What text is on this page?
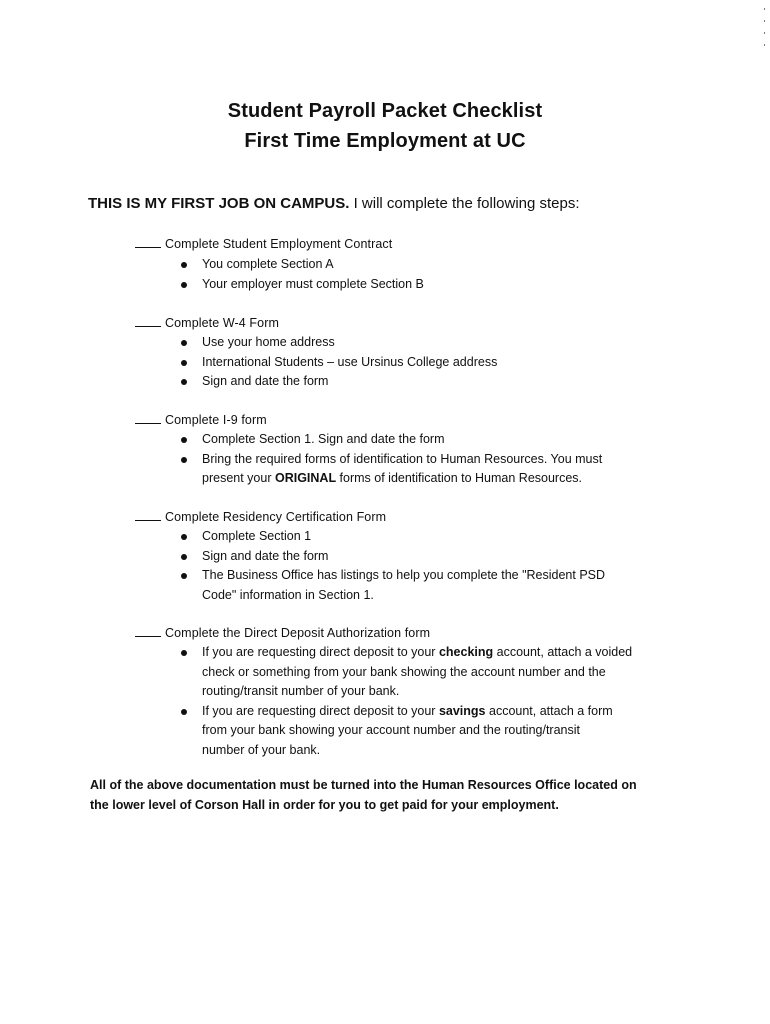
Student Payroll Packet Checklist
First Time Employment at UC
THIS IS MY FIRST JOB ON CAMPUS. I will complete the following steps:
Complete Student Employment Contract
You complete Section A
Your employer must complete Section B
Complete W-4 Form
Use your home address
International Students – use Ursinus College address
Sign and date the form
Complete I-9 form
Complete Section 1. Sign and date the form
Bring the required forms of identification to Human Resources. You must
present your ORIGINAL forms of identification to Human Resources.
Complete Residency Certification Form
Complete Section 1
Sign and date the form
The Business Office has listings to help you complete the "Resident PSD
Code" information in Section 1.
Complete the Direct Deposit Authorization form
If you are requesting direct deposit to your checking account, attach a voided
check or something from your bank showing the account number and the
routing/transit number of your bank.
If you are requesting direct deposit to your savings account, attach a form
from your bank showing your account number and the routing/transit
number of your bank.
All of the above documentation must be turned into the Human Resources Office located on
the lower level of Corson Hall in order for you to get paid for your employment.
